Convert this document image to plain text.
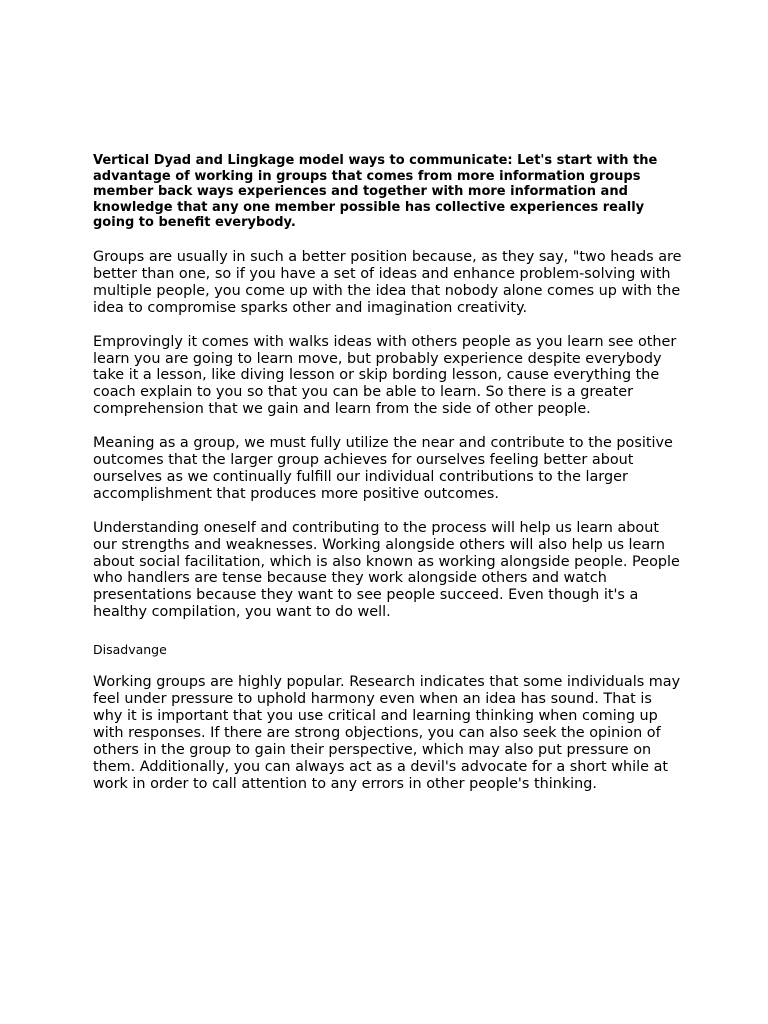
Vertical Dyad and Lingkage model ways to communicate: Let's start with the advantage of working in groups that comes from more information groups member back ways experiences and together with more information and knowledge that any one member possible has collective experiences really going to benefit everybody.

Groups are usually in such a better position because, as they say, "two heads are better than one, so if you have a set of ideas and enhance problem-solving with multiple people, you come up with the idea that nobody alone comes up with the idea to compromise sparks other and imagination creativity.

Emprovingly it comes with walks ideas with others people as you learn see other learn you are going to learn move, but probably experience despite everybody take it a lesson, like diving lesson or skip bording lesson, cause everything the coach explain to you so that you can be able to learn. So there is a greater comprehension that we gain and learn from the side of other people.

Meaning as a group, we must fully utilize the near and contribute to the positive outcomes that the larger group achieves for ourselves feeling better about ourselves as we continually fulfill our individual contributions to the larger accomplishment that produces more positive outcomes.

Understanding oneself and contributing to the process will help us learn about our strengths and weaknesses. Working alongside others will also help us learn about social facilitation, which is also known as working alongside people. People who handlers are tense because they work alongside others and watch presentations because they want to see people succeed. Even though it's a healthy compilation, you want to do well.

Disadvange

Working groups are highly popular. Research indicates that some individuals may feel under pressure to uphold harmony even when an idea has sound. That is why it is important that you use critical and learning thinking when coming up with responses. If there are strong objections, you can also seek the opinion of others in the group to gain their perspective, which may also put pressure on them. Additionally, you can always act as a devil's advocate for a short while at work in order to call attention to any errors in other people's thinking.
